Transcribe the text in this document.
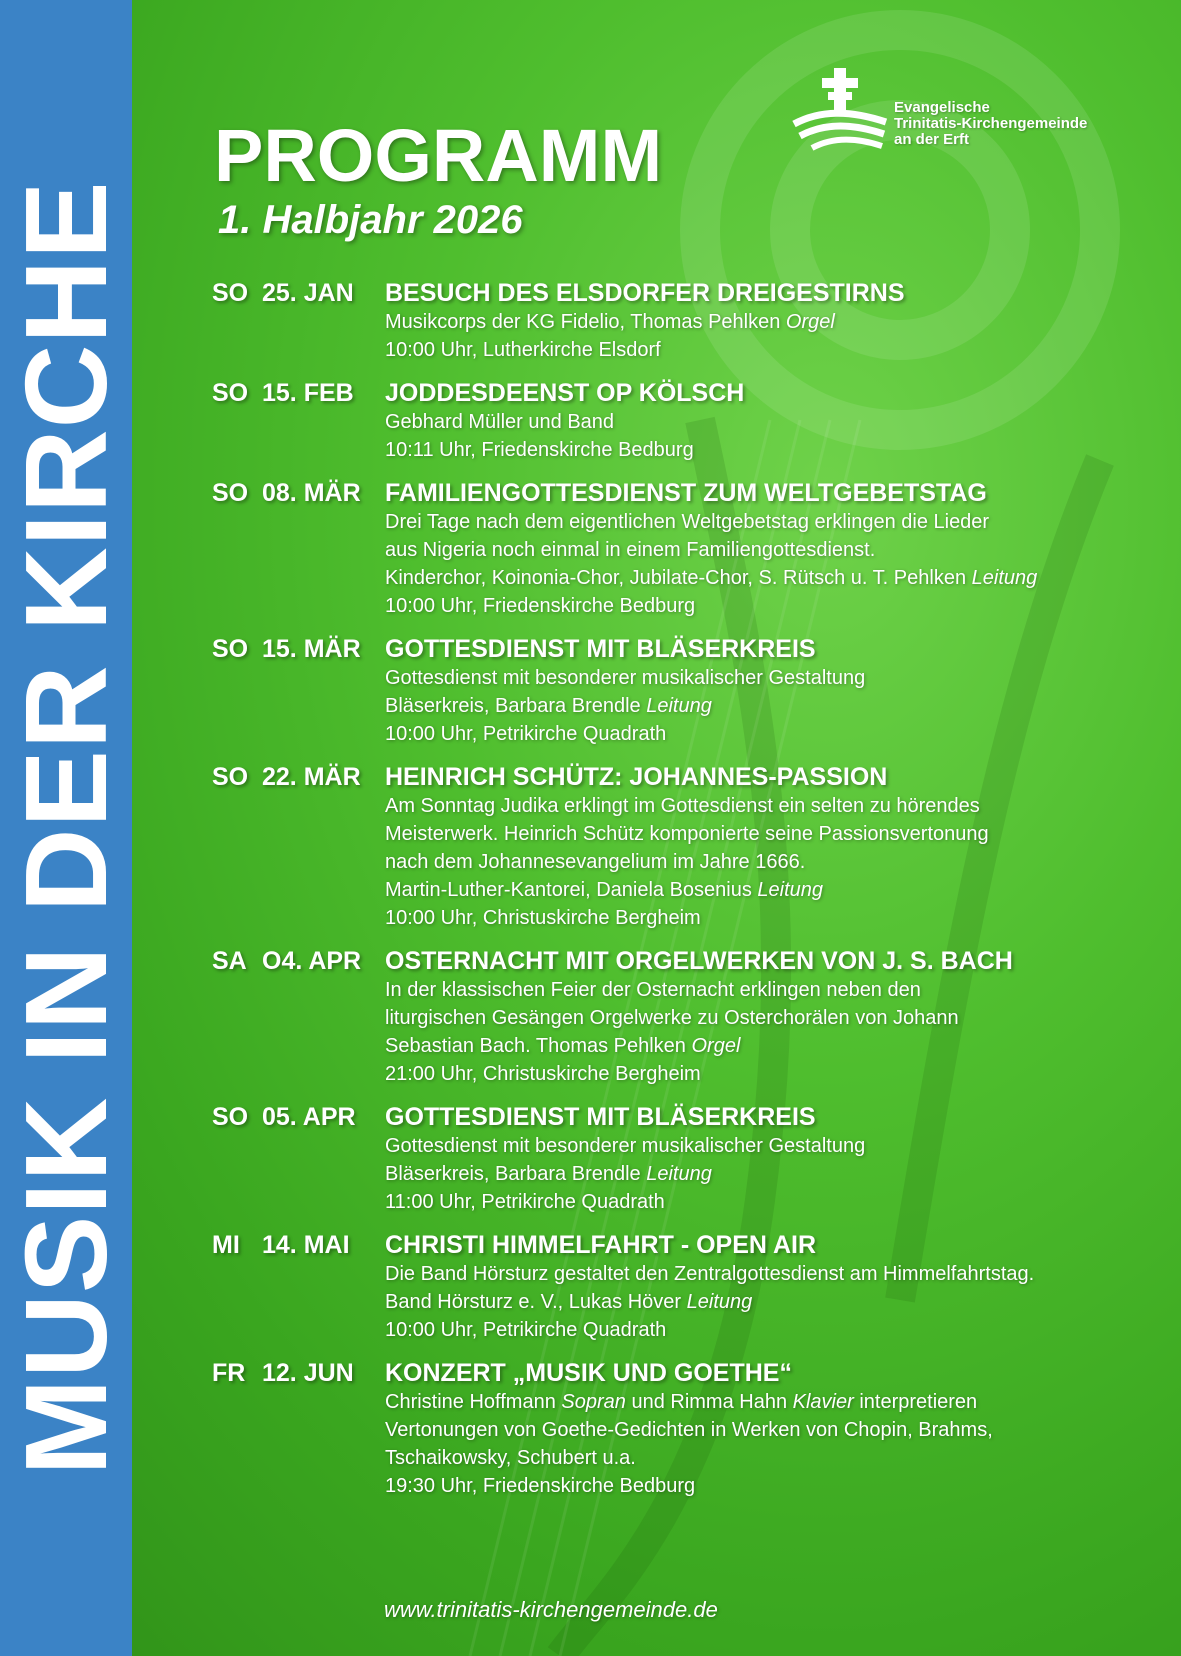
MUSIK IN DER KIRCHE
PROGRAMM
1. Halbjahr 2026
Evangelische
Trinitatis-Kirchengemeinde
an der Erft
SO 25. JAN BESUCH DES ELSDORFER DREIGESTIRNS
Musikcorps der KG Fidelio, Thomas Pehlken Orgel
10:00 Uhr, Lutherkirche Elsdorf
SO 15. FEB JODDESDEENST OP KÖLSCH
Gebhard Müller und Band
10:11 Uhr, Friedenskirche Bedburg
SO 08. MÄR FAMILIENGOTTESDIENST ZUM WELTGEBETSTAG
Drei Tage nach dem eigentlichen Weltgebetstag erklingen die Lieder
aus Nigeria noch einmal in einem Familiengottesdienst.
Kinderchor, Koinonia-Chor, Jubilate-Chor, S. Rütsch u. T. Pehlken Leitung
10:00 Uhr, Friedenskirche Bedburg
SO 15. MÄR GOTTESDIENST MIT BLÄSERKREIS
Gottesdienst mit besonderer musikalischer Gestaltung
Bläserkreis, Barbara Brendle Leitung
10:00 Uhr, Petrikirche Quadrath
SO 22. MÄR HEINRICH SCHÜTZ: JOHANNES-PASSION
Am Sonntag Judika erklingt im Gottesdienst ein selten zu hörendes
Meisterwerk. Heinrich Schütz komponierte seine Passionsvertonung
nach dem Johannesevangelium im Jahre 1666.
Martin-Luther-Kantorei, Daniela Bosenius Leitung
10:00 Uhr, Christuskirche Bergheim
SA O4. APR OSTERNACHT MIT ORGELWERKEN VON J. S. BACH
In der klassischen Feier der Osternacht erklingen neben den
liturgischen Gesängen Orgelwerke zu Osterchorälen von Johann
Sebastian Bach. Thomas Pehlken Orgel
21:00 Uhr, Christuskirche Bergheim
SO 05. APR GOTTESDIENST MIT BLÄSERKREIS
Gottesdienst mit besonderer musikalischer Gestaltung
Bläserkreis, Barbara Brendle Leitung
11:00 Uhr, Petrikirche Quadrath
MI 14. MAI CHRISTI HIMMELFAHRT - OPEN AIR
Die Band Hörsturz gestaltet den Zentralgottesdienst am Himmelfahrtstag.
Band Hörsturz e. V., Lukas Höver Leitung
10:00 Uhr, Petrikirche Quadrath
FR 12. JUN KONZERT „MUSIK UND GOETHE“
Christine Hoffmann Sopran und Rimma Hahn Klavier interpretieren
Vertonungen von Goethe-Gedichten in Werken von Chopin, Brahms,
Tschaikowsky, Schubert u.a.
19:30 Uhr, Friedenskirche Bedburg
www.trinitatis-kirchengemeinde.de
